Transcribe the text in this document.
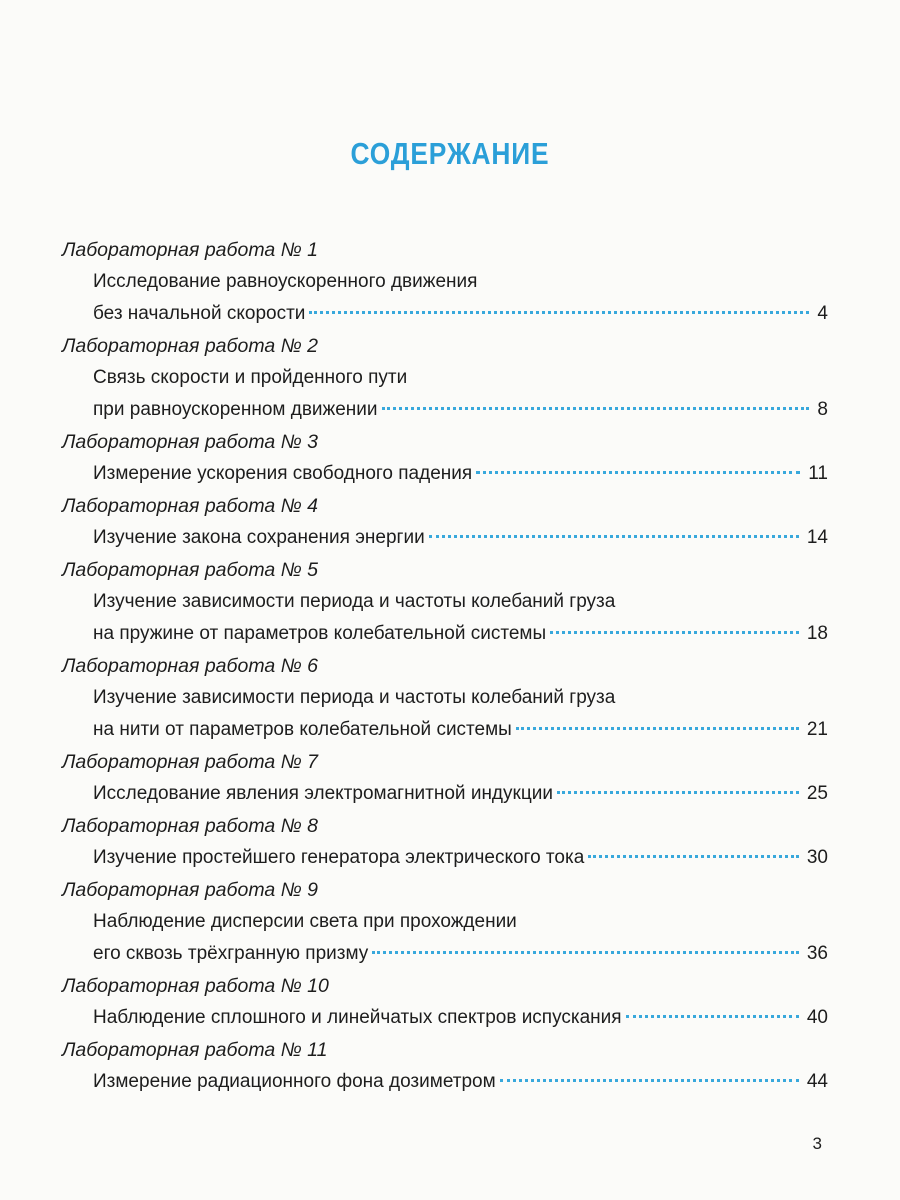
СОДЕРЖАНИЕ
Лабораторная работа № 1
Исследование равноускоренного движения
без начальной скорости	4
Лабораторная работа № 2
Связь скорости и пройденного пути
при равноускоренном движении	8
Лабораторная работа № 3
Измерение ускорения свободного падения	11
Лабораторная работа № 4
Изучение закона сохранения энергии	14
Лабораторная работа № 5
Изучение зависимости периода и частоты колебаний груза
на пружине от параметров колебательной системы	18
Лабораторная работа № 6
Изучение зависимости периода и частоты колебаний груза
на нити от параметров колебательной системы	21
Лабораторная работа № 7
Исследование явления электромагнитной индукции	25
Лабораторная работа № 8
Изучение простейшего генератора электрического тока	30
Лабораторная работа № 9
Наблюдение дисперсии света при прохождении
его сквозь трёхгранную призму	36
Лабораторная работа № 10
Наблюдение сплошного и линейчатых спектров испускания	40
Лабораторная работа № 11
Измерение радиационного фона дозиметром	44
3
